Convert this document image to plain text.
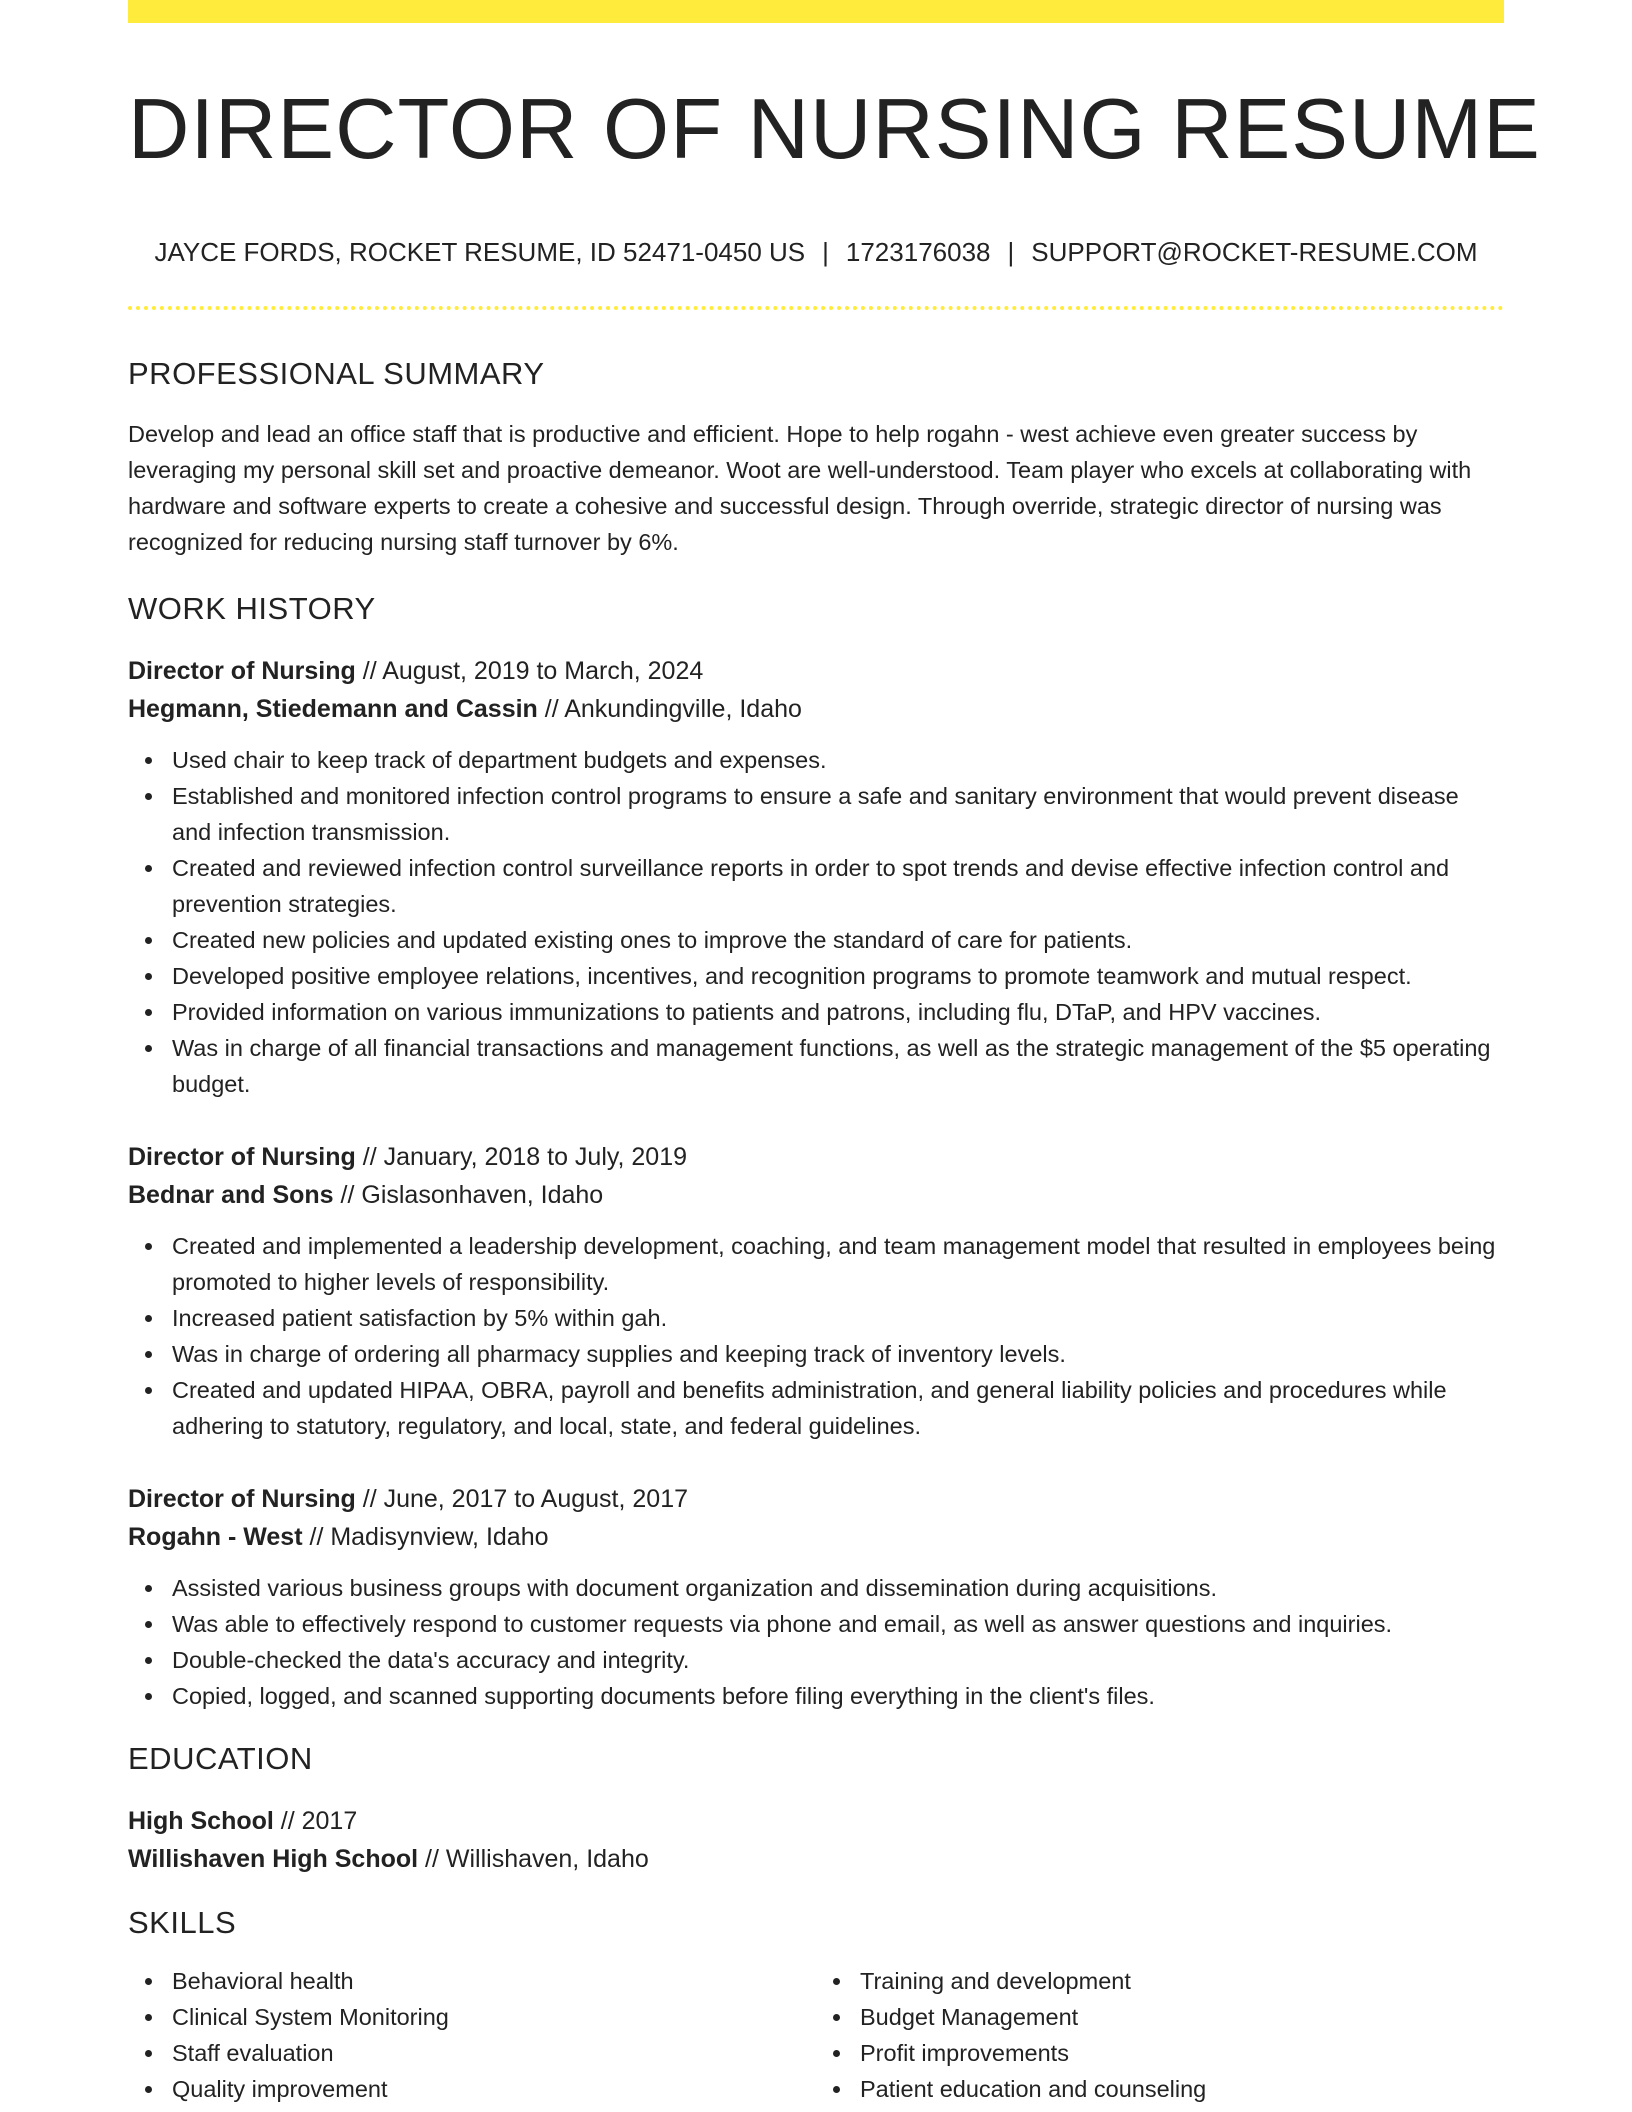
DIRECTOR OF NURSING RESUME
JAYCE FORDS, ROCKET RESUME, ID 52471-0450 US | 1723176038 | SUPPORT@ROCKET-RESUME.COM
PROFESSIONAL SUMMARY

Develop and lead an office staff that is productive and efficient. Hope to help rogahn - west achieve even greater success by leveraging my personal skill set and proactive demeanor. Woot are well-understood. Team player who excels at collaborating with hardware and software experts to create a cohesive and successful design. Through override, strategic director of nursing was recognized for reducing nursing staff turnover by 6%.

WORK HISTORY
Director of Nursing // August, 2019 to March, 2024
Hegmann, Stiedemann and Cassin // Ankundingville, Idaho
Used chair to keep track of department budgets and expenses.
Established and monitored infection control programs to ensure a safe and sanitary environment that would prevent disease and infection transmission.
Created and reviewed infection control surveillance reports in order to spot trends and devise effective infection control and prevention strategies.
Created new policies and updated existing ones to improve the standard of care for patients.
Developed positive employee relations, incentives, and recognition programs to promote teamwork and mutual respect.
Provided information on various immunizations to patients and patrons, including flu, DTaP, and HPV vaccines.
Was in charge of all financial transactions and management functions, as well as the strategic management of the $5 operating budget.
Director of Nursing // January, 2018 to July, 2019
Bednar and Sons // Gislasonhaven, Idaho
Created and implemented a leadership development, coaching, and team management model that resulted in employees being promoted to higher levels of responsibility.
Increased patient satisfaction by 5% within gah.
Was in charge of ordering all pharmacy supplies and keeping track of inventory levels.
Created and updated HIPAA, OBRA, payroll and benefits administration, and general liability policies and procedures while adhering to statutory, regulatory, and local, state, and federal guidelines.
Director of Nursing // June, 2017 to August, 2017
Rogahn - West // Madisynview, Idaho
Assisted various business groups with document organization and dissemination during acquisitions.
Was able to effectively respond to customer requests via phone and email, as well as answer questions and inquiries.
Double-checked the data's accuracy and integrity.
Copied, logged, and scanned supporting documents before filing everything in the client's files.
EDUCATION
High School // 2017
Willishaven High School // Willishaven, Idaho
SKILLS
Behavioral health
Clinical System Monitoring
Staff evaluation
Quality improvement
Training and development
Budget Management
Profit improvements
Patient education and counseling
